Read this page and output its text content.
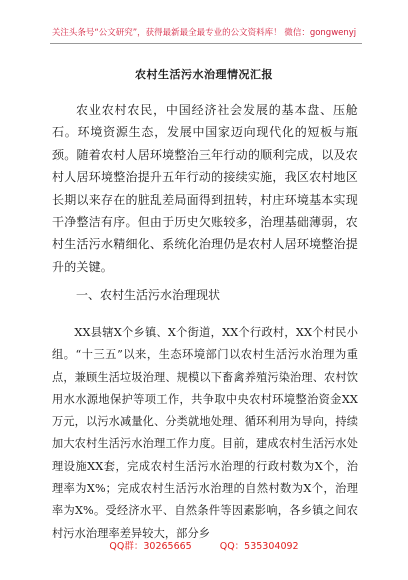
关注头条号“公文研究”，获得最新最全最专业的公文资料库！ 微信：gongwenyj
农村生活污水治理情况汇报

农业农村农民，中国经济社会发展的基本盘、压舱石。环境资源生态，发展中国家迈向现代化的短板与瓶颈。随着农村人居环境整治三年行动的顺利完成，以及农村人居环境整治提升五年行动的接续实施，我区农村地区长期以来存在的脏乱差局面得到扭转，村庄环境基本实现干净整洁有序。但由于历史欠账较多，治理基础薄弱，农村生活污水精细化、系统化治理仍是农村人居环境整治提升的关键。

一、农村生活污水治理现状

XX县辖X个乡镇、X个街道，XX个行政村，XX个村民小组。“十三五”以来，生态环境部门以农村生活污水治理为重点，兼顾生活垃圾治理、规模以下畜禽养殖污染治理、农村饮用水水源地保护等项工作，共争取中央农村环境整治资金XX万元，以污水减量化、分类就地处理、循环利用为导向，持续加大农村生活污水治理工作力度。目前，建成农村生活污水处理设施XX套，完成农村生活污水治理的行政村数为X个，治理率为X%；完成农村生活污水治理的自然村数为X个，治理率为X%。受经济水平、自然条件等因素影响，各乡镇之间农村污水治理率差异较大，部分乡

QQ群：30265665	QQ：535304092
